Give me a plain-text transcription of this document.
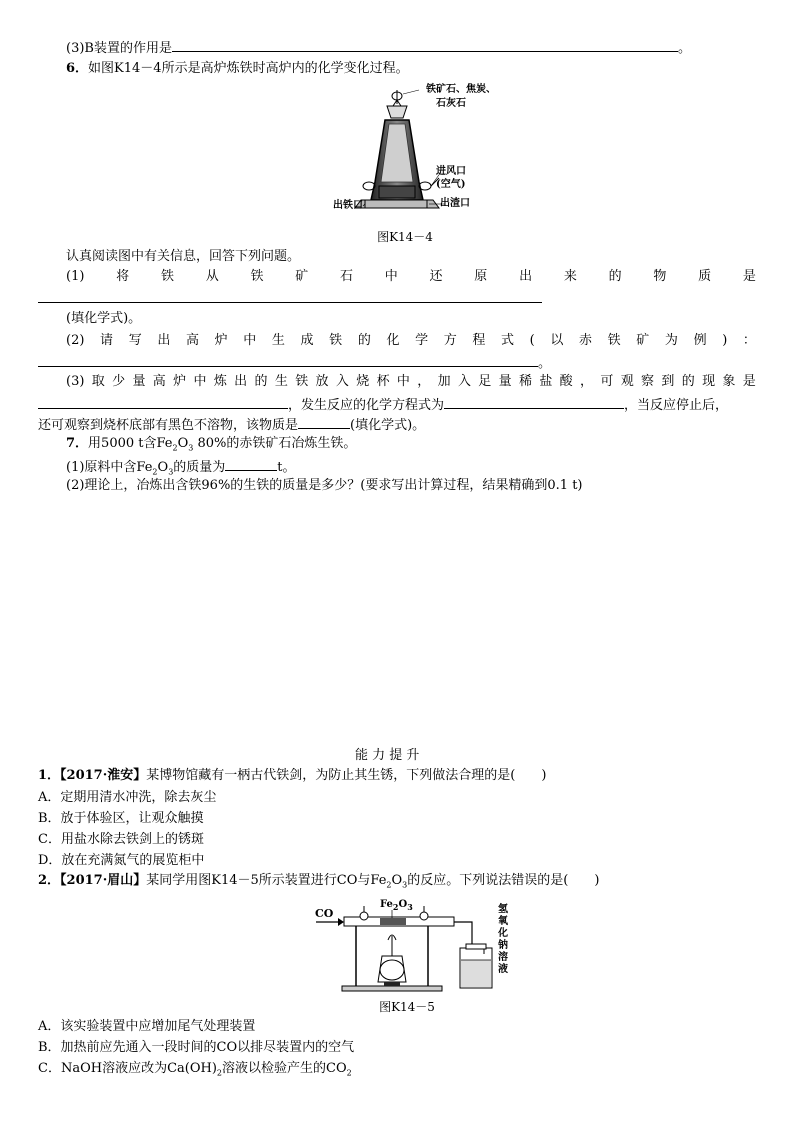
(3)B装置的作用是	。
6．如图K14－4所示是高炉炼铁时高炉内的化学变化过程。
铁矿石、焦炭、
石灰石
进风口
(空气)
出铁口	出渣口
图K14－4
认真阅读图中有关信息，回答下列问题。
(1) 将 铁 从 铁 矿 石 中 还 原 出 来 的 物 质 是
(填化学式)。
(2) 请 写 出 高 炉 中 生 成 铁 的 化 学 方 程 式 ( 以 赤 铁 矿 为 例 ) ：
。
(3) 取 少 量 高 炉 中 炼 出 的 生 铁 放 入 烧 杯 中 ， 加 入 足 量 稀 盐 酸 ， 可 观 察 到 的 现 象 是
，发生反应的化学方程式为	，当反应停止后，
还可观察到烧杯底部有黑色不溶物，该物质是	(填化学式)。
7．用5000 t含$Fe_2O_3$ 80%的赤铁矿石冶炼生铁。
(1)原料中含$Fe_2O_3$的质量为	t。
(2)理论上，冶炼出含铁96%的生铁的质量是多少？(要求写出计算过程，结果精确到0.1 t)
能 力 提 升
1．【2017·淮安】某博物馆藏有一柄古代铁剑，为防止其生锈，下列做法合理的是(　　)
A．定期用清水冲洗，除去灰尘
B．放于体验区，让观众触摸
C．用盐水除去铁剑上的锈斑
D．放在充满氮气的展览柜中
2．【2017·眉山】某同学用图K14－5所示装置进行CO与$Fe_2O_3$的反应。下列说法错误的是(　　)
CO
$Fe_2O_3$	氢
氧
化
钠
溶
液
图K14－5
A．该实验装置中应增加尾气处理装置
B．加热前应先通入一段时间的CO以排尽装置内的空气
C．NaOH溶液应改为$Ca(OH)_2$溶液以检验产生的$CO_2$
